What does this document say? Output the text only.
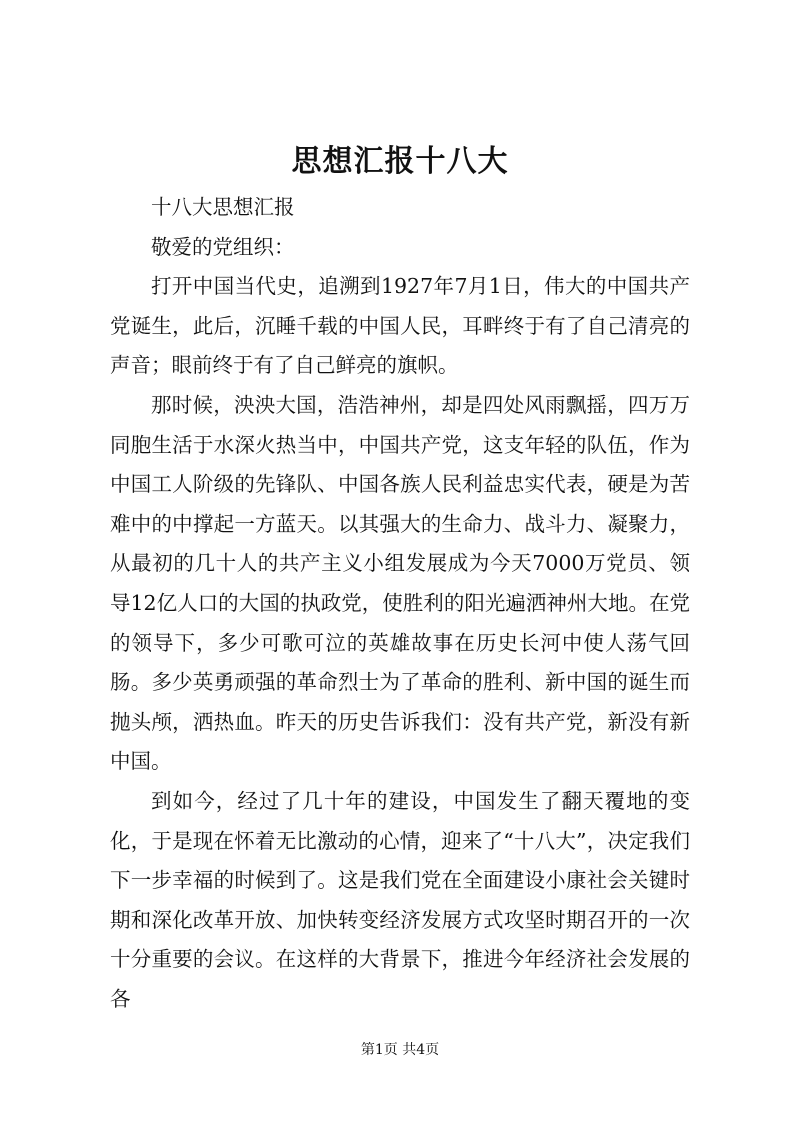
思想汇报十八大

十八大思想汇报

敬爱的党组织：

打开中国当代史，追溯到1927年7月1日，伟大的中国共产党诞生，此后，沉睡千载的中国人民，耳畔终于有了自己清亮的声音；眼前终于有了自己鲜亮的旗帜。

那时候，泱泱大国，浩浩神州，却是四处风雨飘摇，四万万同胞生活于水深火热当中，中国共产党，这支年轻的队伍，作为中国工人阶级的先锋队、中国各族人民利益忠实代表，硬是为苦难中的中撑起一方蓝天。以其强大的生命力、战斗力、凝聚力，从最初的几十人的共产主义小组发展成为今天7000万党员、领导12亿人口的大国的执政党，使胜利的阳光遍洒神州大地。在党的领导下，多少可歌可泣的英雄故事在历史长河中使人荡气回肠。多少英勇顽强的革命烈士为了革命的胜利、新中国的诞生而抛头颅，洒热血。昨天的历史告诉我们：没有共产党，新没有新中国。

到如今，经过了几十年的建设，中国发生了翻天覆地的变化，于是现在怀着无比激动的心情，迎来了“十八大”，决定我们下一步幸福的时候到了。这是我们党在全面建设小康社会关键时期和深化改革开放、加快转变经济发展方式攻坚时期召开的一次十分重要的会议。在这样的大背景下，推进今年经济社会发展的各

第1页 共4页
